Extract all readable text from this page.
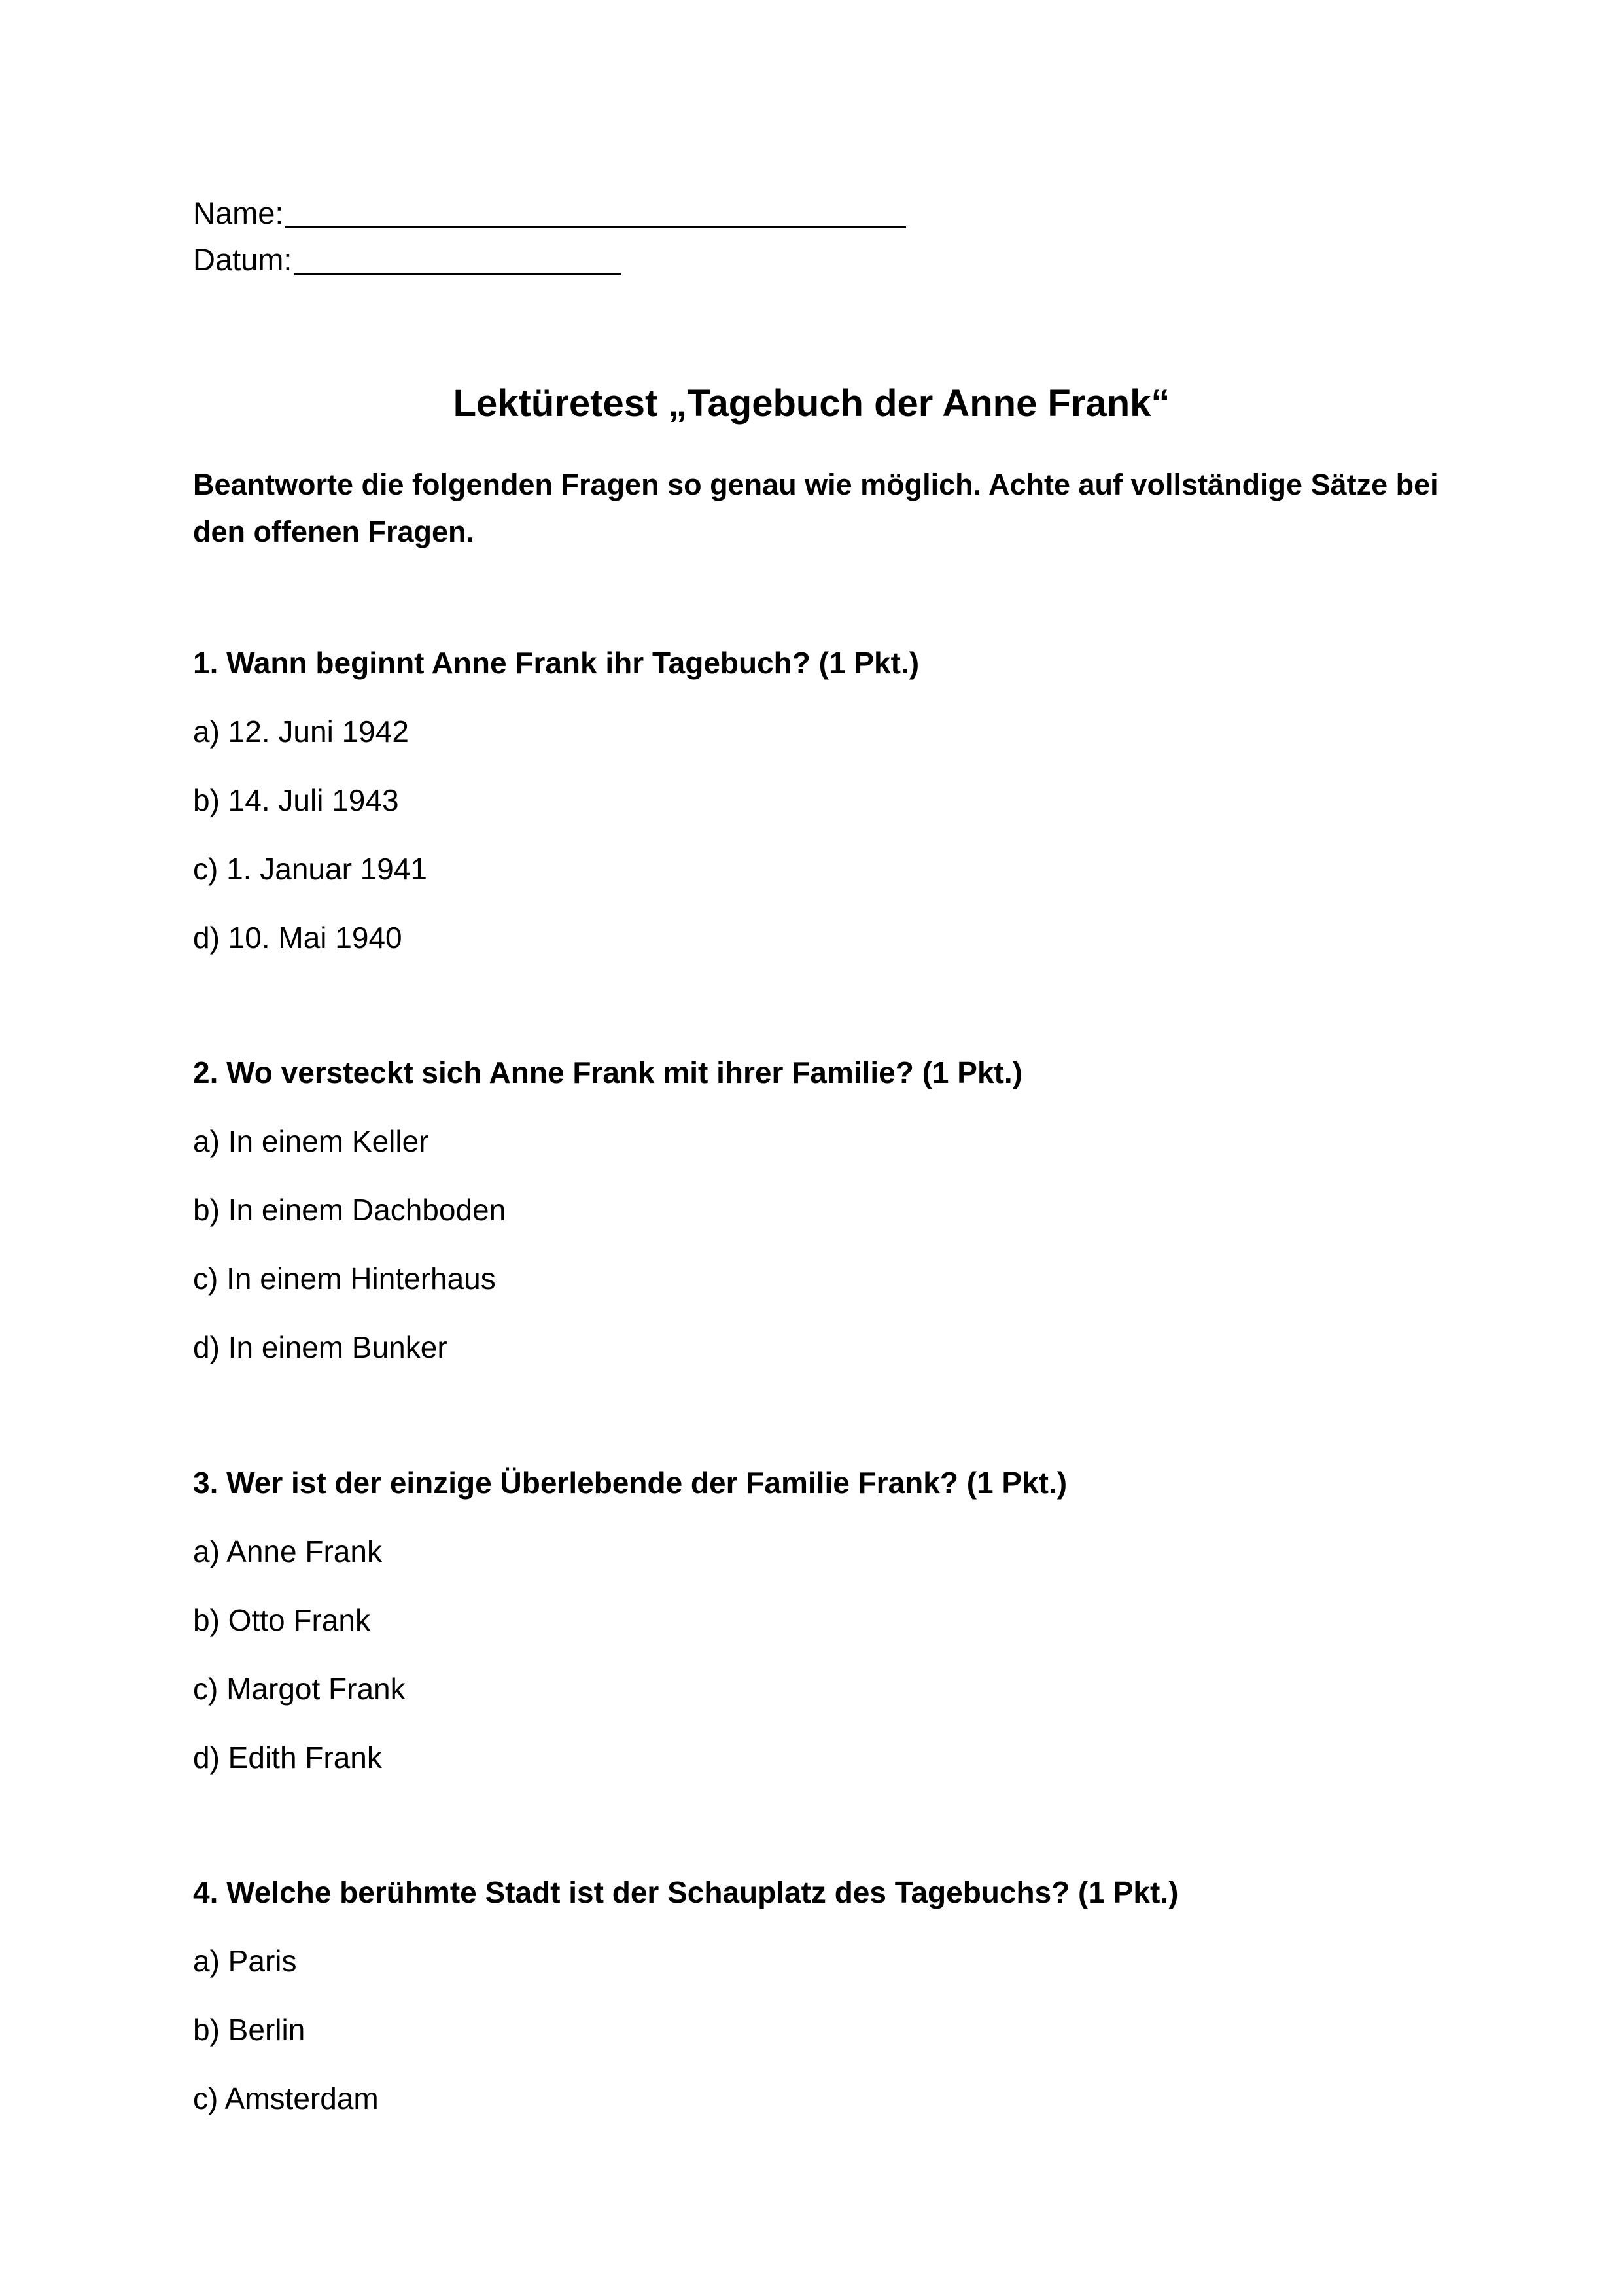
Name:
Datum:
Lektüretest „Tagebuch der Anne Frank“
Beantworte die folgenden Fragen so genau wie möglich. Achte auf vollständige Sätze bei den offenen Fragen.
1. Wann beginnt Anne Frank ihr Tagebuch? (1 Pkt.)
a) 12. Juni 1942
b) 14. Juli 1943
c) 1. Januar 1941
d) 10. Mai 1940
2. Wo versteckt sich Anne Frank mit ihrer Familie? (1 Pkt.)
a) In einem Keller
b) In einem Dachboden
c) In einem Hinterhaus
d) In einem Bunker
3. Wer ist der einzige Überlebende der Familie Frank? (1 Pkt.)
a) Anne Frank
b) Otto Frank
c) Margot Frank
d) Edith Frank
4. Welche berühmte Stadt ist der Schauplatz des Tagebuchs? (1 Pkt.)
a) Paris
b) Berlin
c) Amsterdam
